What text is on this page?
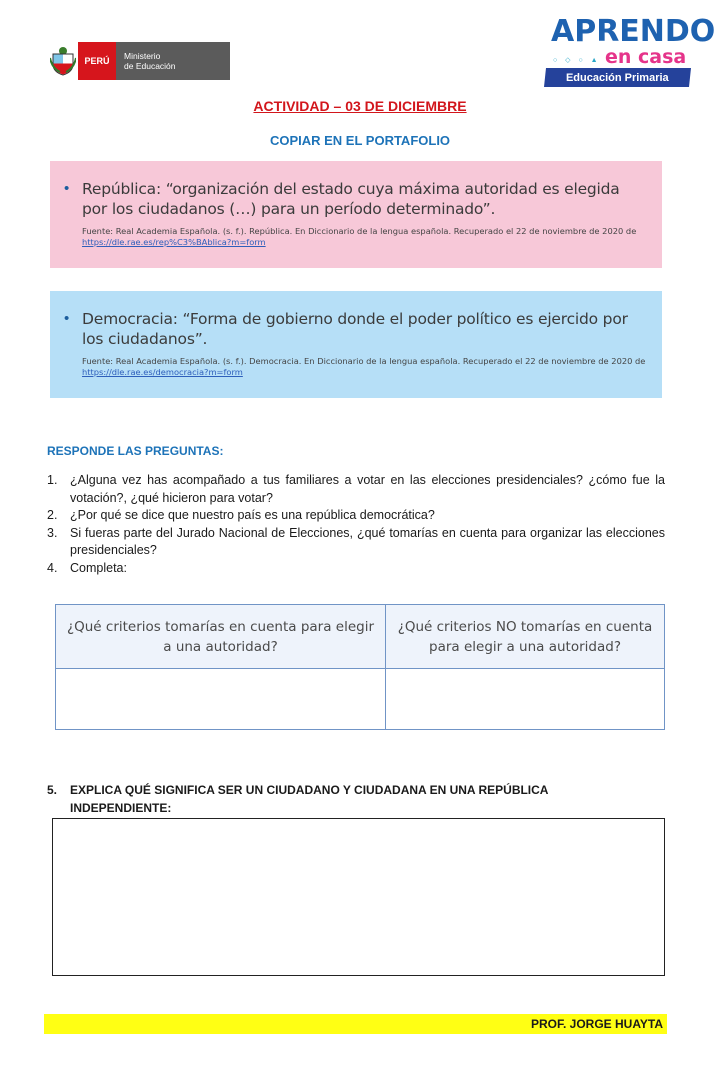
PERÚ	Ministerio
de Educación
APRENDO
○ ◇ ○ ▲ en casa
Educación Primaria
ACTIVIDAD – 03 DE DICIEMBRE
COPIAR EN EL PORTAFOLIO
• República: “organización del estado cuya máxima autoridad es elegida por los ciudadanos (…) para un período determinado”.
Fuente: Real Academia Española. (s. f.). República. En Diccionario de la lengua española. Recuperado el 22 de noviembre de 2020 de https://dle.rae.es/rep%C3%BAblica?m=form
• Democracia: “Forma de gobierno donde el poder político es ejercido por los ciudadanos”.
Fuente: Real Academia Española. (s. f.). Democracia. En Diccionario de la lengua española. Recuperado el 22 de noviembre de 2020 de https://dle.rae.es/democracia?m=form
RESPONDE LAS PREGUNTAS:
1.	¿Alguna vez has acompañado a tus familiares a votar en las elecciones presidenciales? ¿cómo fue la votación?, ¿qué hicieron para votar?
2.	¿Por qué se dice que nuestro país es una república democrática?
3.	Si fueras parte del Jurado Nacional de Elecciones, ¿qué tomarías en cuenta para organizar las elecciones presidenciales?
4.	Completa:
¿Qué criterios tomarías en cuenta para elegir a una autoridad?
¿Qué criterios NO tomarías en cuenta para elegir a una autoridad?
5.	EXPLICA QUÉ SIGNIFICA SER UN CIUDADANO Y CIUDADANA EN UNA REPÚBLICA INDEPENDIENTE:
PROF. JORGE HUAYTA
